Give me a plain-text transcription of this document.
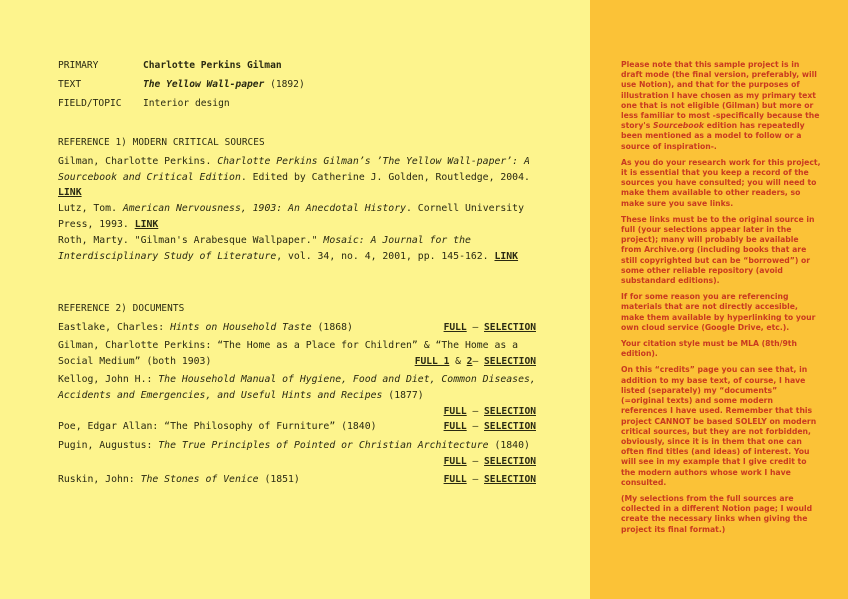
PRIMARY	Charlotte Perkins Gilman
TEXT	The Yellow Wall-paper (1892)
FIELD/TOPIC	Interior design
REFERENCE 1) MODERN CRITICAL SOURCES
Gilman, Charlotte Perkins. Charlotte Perkins Gilman’s ’The Yellow Wall-paper’: A Sourcebook and Critical Edition. Edited by Catherine J. Golden, Routledge, 2004. LINK
Lutz, Tom. American Nervousness, 1903: An Anecdotal History. Cornell University Press, 1993. LINK
Roth, Marty. "Gilman's Arabesque Wallpaper." Mosaic: A Journal for the Interdisciplinary Study of Literature, vol. 34, no. 4, 2001, pp. 145-162. LINK
REFERENCE 2) DOCUMENTS
Eastlake, Charles: Hints on Household Taste (1868)	FULL — SELECTION
Gilman, Charlotte Perkins: “The Home as a Place for Children” & “The Home as a Social Medium” (both 1903)	FULL 1 & 2— SELECTION
Kellog, John H.: The Household Manual of Hygiene, Food and Diet, Common Diseases, Accidents and Emergencies, and Useful Hints and Recipes (1877)
FULL — SELECTION
Poe, Edgar Allan: “The Philosophy of Furniture” (1840)	FULL — SELECTION
Pugin, Augustus: The True Principles of Pointed or Christian Architecture (1840)
FULL — SELECTION
Ruskin, John: The Stones of Venice (1851)	FULL — SELECTION

Please note that this sample project is in draft mode (the final version, preferably, will use Notion), and that for the purposes of illustration I have chosen as my primary text one that is not eligible (Gilman) but more or less familiar to most -specifically because the story's Sourcebook edition has repeatedly been mentioned as a model to follow or a source of inspiration-.

As you do your research work for this project, it is essential that you keep a record of the sources you have consulted; you will need to make them available to other readers, so make sure you save links.

These links must be to the original source in full (your selections appear later in the project); many will probably be available from Archive.org (including books that are still copyrighted but can be “borrowed”) or some other reliable repository (avoid substandard editions).

If for some reason you are referencing materials that are not directly accesible, make them available by hyperlinking to your own cloud service (Google Drive, etc.).

Your citation style must be MLA (8th/9th edition).

On this “credits” page you can see that, in addition to my base text, of course, I have listed (separately) my “documents” (=original texts) and some modern references I have used. Remember that this project CANNOT be based SOLELY on modern critical sources, but they are not forbidden, obviously, since it is in them that one can often find titles (and ideas) of interest. You will see in my example that I give credit to the modern authors whose work I have consulted.

(My selections from the full sources are collected in a different Notion page; I would create the necessary links when giving the project its final format.)
